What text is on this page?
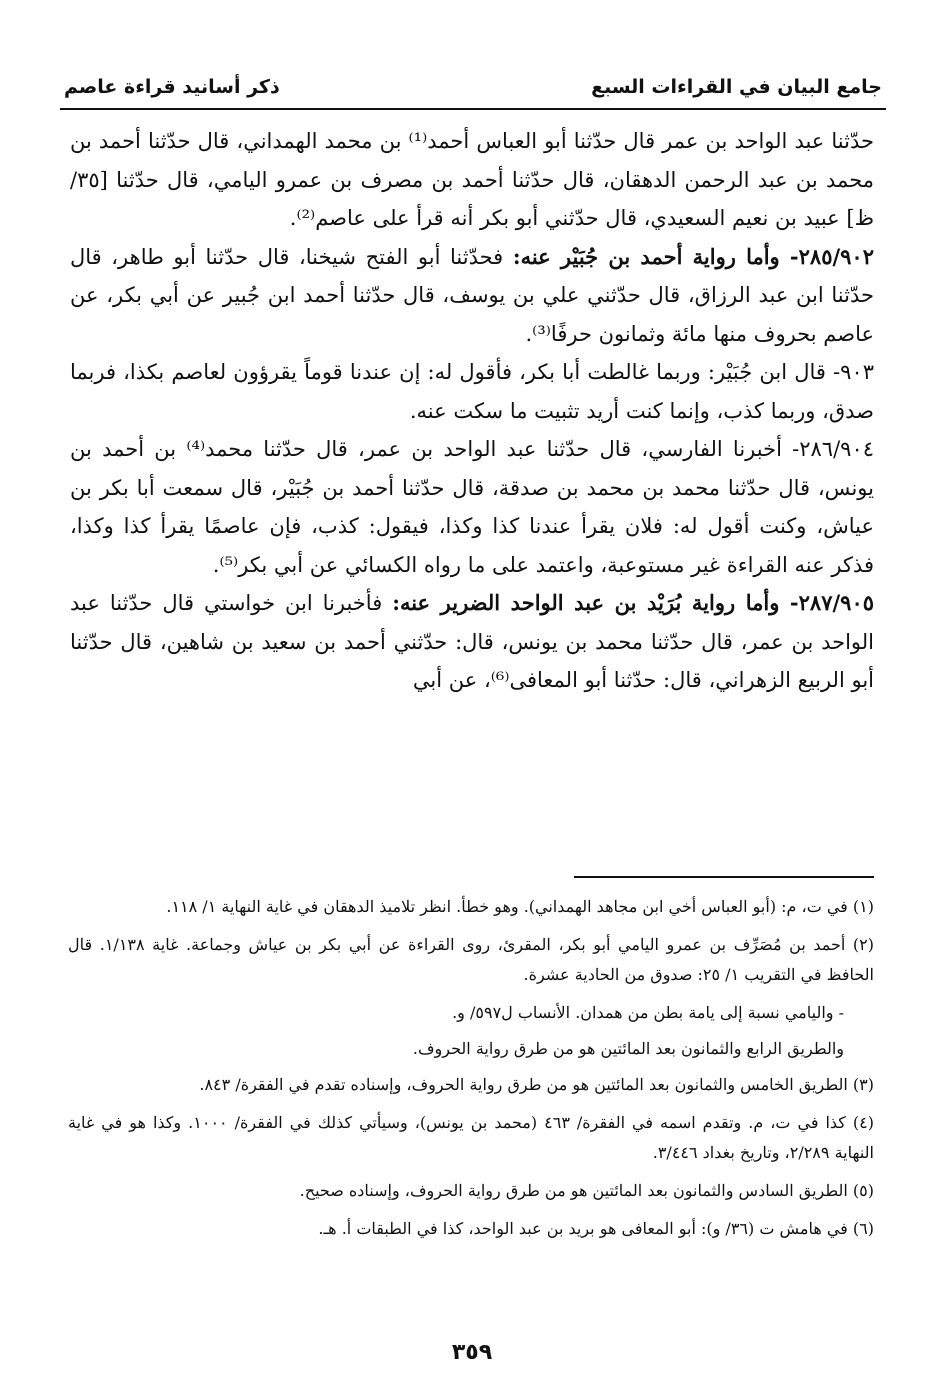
جامع البيان في القراءات السبع
ذكر أسانيد قراءة عاصم

حدّثنا عبد الواحد بن عمر قال حدّثنا أبو العباس أحمد⁽¹⁾ بن محمد الهمداني، قال حدّثنا أحمد بن محمد بن عبد الرحمن الدهقان، قال حدّثنا أحمد بن مصرف بن عمرو اليامي، قال حدّثنا [٣٥/ظ] عبيد بن نعيم السعيدي، قال حدّثني أبو بكر أنه قرأ على عاصم⁽²⁾.

٢٨٥/٩٠٢- وأما رواية أحمد بن جُبَيْر عنه: فحدّثنا أبو الفتح شيخنا، قال حدّثنا أبو طاهر، قال حدّثنا ابن عبد الرزاق، قال حدّثني علي بن يوسف، قال حدّثنا أحمد ابن جُبير عن أبي بكر، عن عاصم بحروف منها مائة وثمانون حرفًا⁽³⁾.

٩٠٣- قال ابن جُبَيْر: وربما غالطت أبا بكر، فأقول له: إن عندنا قوماً يقرؤون لعاصم بكذا، فربما صدق، وربما كذب، وإنما كنت أريد تثبيت ما سكت عنه.

٢٨٦/٩٠٤- أخبرنا الفارسي، قال حدّثنا عبد الواحد بن عمر، قال حدّثنا محمد⁽⁴⁾ بن أحمد بن يونس، قال حدّثنا محمد بن محمد بن صدقة، قال حدّثنا أحمد بن جُبَيْر، قال سمعت أبا بكر بن عياش، وكنت أقول له: فلان يقرأ عندنا كذا وكذا، فيقول: كذب، فإن عاصمًا يقرأ كذا وكذا، فذكر عنه القراءة غير مستوعبة، واعتمد على ما رواه الكسائي عن أبي بكر⁽⁵⁾.

٢٨٧/٩٠٥- وأما رواية بُرَيْد بن عبد الواحد الضرير عنه: فأخبرنا ابن خواستي قال حدّثنا عبد الواحد بن عمر، قال حدّثنا محمد بن يونس، قال: حدّثني أحمد بن سعيد بن شاهين، قال حدّثنا أبو الربيع الزهراني، قال: حدّثنا أبو المعافى⁽⁶⁾، عن أبي

(١) في ت، م: (أبو العباس أخي ابن مجاهد الهمداني). وهو خطأ. انظر تلاميذ الدهقان في غاية النهاية ١/ ١١٨.

(٢) أحمد بن مُصَرِّف بن عمرو اليامي أبو بكر، المقرئ، روى القراءة عن أبي بكر بن عياش وجماعة. غاية ١/١٣٨. قال الحافظ في التقريب ١/ ٢٥: صدوق من الحادية عشرة.

- واليامي نسبة إلى يامة بطن من همدان. الأنساب ل٥٩٧/ و.

والطريق الرابع والثمانون بعد المائتين هو من طرق رواية الحروف.

(٣) الطريق الخامس والثمانون بعد المائتين هو من طرق رواية الحروف، وإسناده تقدم في الفقرة/ ٨٤٣.

(٤) كذا في ت، م. وتقدم اسمه في الفقرة/ ٤٦٣ (محمد بن يونس)، وسيأتي كذلك في الفقرة/ ١٠٠٠. وكذا هو في غاية النهاية ٢/٢٨٩، وتاريخ بغداد ٣/٤٤٦.

(٥) الطريق السادس والثمانون بعد المائتين هو من طرق رواية الحروف، وإسناده صحيح.

(٦) في هامش ت (٣٦/ و): أبو المعافى هو بريد بن عبد الواحد، كذا في الطبقات أ. هـ.

٣٥٩
